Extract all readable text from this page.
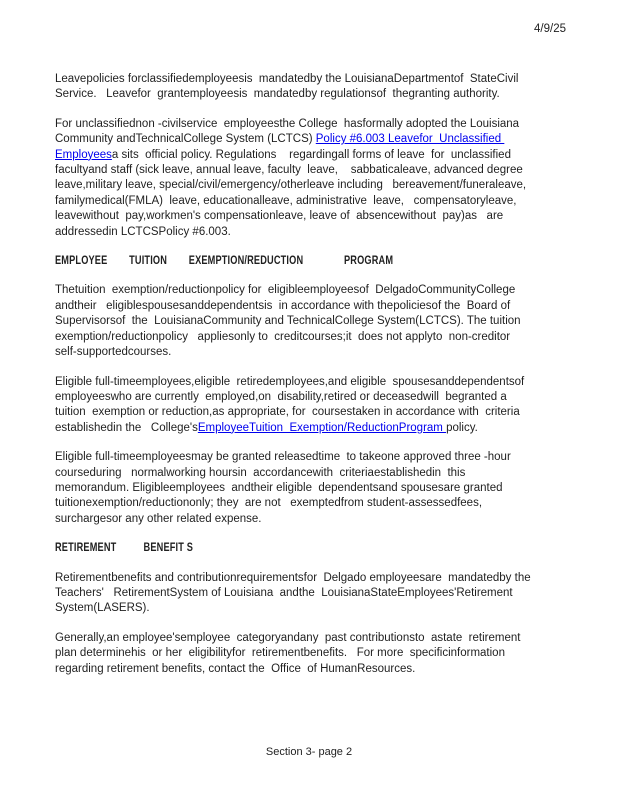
4/9/25
Leavepolicies forclassifiedemployeesis  mandatedby the LouisianaDepartmentof  StateCivil
Service.   Leavefor  grantemployeesis  mandatedby regulationsof  thegranting authority.
For unclassifiednon -civilservice  employeesthe College  hasformally adopted the Louisiana
Community andTechnicalCollege System (LCTCS) Policy #6.003 Leavefor  Unclassified
Employeesa sits  official policy. Regulations    regardingall forms of leave  for  unclassified
facultyand staff (sick leave, annual leave, faculty  leave,    sabbaticaleave, advanced degree
leave,military leave, special/civil/emergency/otherleave including   bereavement/funeraleave,
familymedical(FMLA)  leave, educationalleave, administrative  leave,   compensatoryleave,
leavewithout  pay,workmen's compensationleave, leave of  absencewithout  pay)as   are
addressedin LCTCSPolicy #6.003.
EMPLOYEE        TUITION        EXEMPTION/REDUCTION               PROGRAM
Thetuition  exemption/reductionpolicy for  eligibleemployeesof  DelgadoCommunityCollege
andtheir   eligiblespousesanddependentsis  in accordance with thepoliciesof the  Board of
Supervisorsof  the  LouisianaCommunity and TechnicalCollege System(LCTCS). The tuition
exemption/reductionpolicy   appliesonly to  creditcourses;it  does not applyto  non-creditor
self-supportedcourses.
Eligible full-timeemployees,eligible  retiredemployees,and eligible  spousesanddependentsof
employeeswho are currently  employed,on  disability,retired or deceasedwill  begranted a
tuition  exemption or reduction,as appropriate, for  coursestaken in accordance with  criteria
establishedin the   College'sEmployeeTuition  Exemption/ReductionProgram policy.
Eligible full-timeemployeesmay be granted releasedtime  to takeone approved three -hour
courseduring   normalworking hoursin  accordancewith  criteriaestablishedin  this
memorandum. Eligibleemployees  andtheir eligible  dependentsand spousesare granted
tuitionexemption/reductiononly; they  are not   exemptedfrom student-assessedfees,
surchargesor any other related expense.
RETIREMENT          BENEFIT S
Retirementbenefits and contributionrequirementsfor  Delgado employeesare  mandatedby the
Teachers'   RetirementSystem of Louisiana  andthe  LouisianaStateEmployees'Retirement
System(LASERS).
Generally,an employee'semployee  categoryandany  past contributionsto  astate  retirement
plan determinehis  or her  eligibilityfor  retirementbenefits.   For more  specificinformation
regarding retirement benefits, contact the  Office  of HumanResources.
Section 3- page 2
